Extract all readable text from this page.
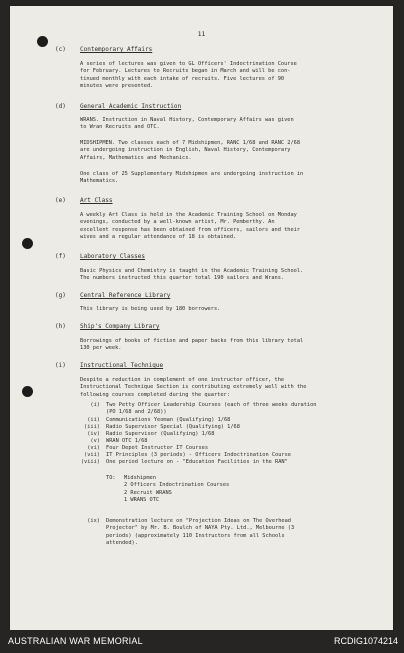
11
(c) Contemporary Affairs

A series of lectures was given to GL Officers' Indoctrination Course
for February. Lectures to Recruits began in March and will be con-
tinued monthly with each intake of recruits. Five lectures of 90
minutes were presented.

(d) General Academic Instruction

WRANS. Instruction in Naval History, Contemporary Affairs was given
to Wran Recruits and OTC.

MIDSHIPMEN. Two classes each of 7 Midshipmen, RANC 1/68 and RANC 2/68
are undergoing instruction in English, Naval History, Contemporary
Affairs, Mathematics and Mechanics.

One class of 25 Supplementary Midshipmen are undergoing instruction in
Mathematics.

(e) Art Class

A weekly Art Class is held in the Academic Training School on Monday
evenings, conducted by a well-known artist, Mr. Pemberthy. An
excellent response has been obtained from officers, sailors and their
wives and a regular attendance of 18 is obtained.

(f) Laboratory Classes

Basic Physics and Chemistry is taught in the Academic Training School.
The numbers instructed this quarter total 190 sailors and Wrans.

(g) Central Reference Library

This library is being used by 180 borrowers.

(h) Ship's Company Library

Borrowings of books of fiction and paper backs from this library total
130 per week.

(i) Instructional Technique

Despite a reduction in complement of one instructor officer, the
Instructional Technique Section is contributing extremely well with the
following courses completed during the quarter:

(i) Two Petty Officer Leadership Courses (each of three weeks duration
(PO 1/68 and 2/68))
(ii) Communications Yeoman (Qualifying) 1/68
(iii) Radio Supervisor Special (Qualifying) 1/68
(iv) Radio Supervisor (Qualifying) 1/68
(v) WRAN OTC 1/68
(vi) Four Depot Instructor IT Courses
(vii) IT Principles (3 periods) - Officers Indoctrination Course
(viii) One period lecture on - "Education Facilities in the RAN"
TO: Midshipmen
2 Officers Indoctrination Courses
2 Recruit WRANS
1 WRANS OTC
(ix) Demonstration lecture on "Projection Ideas on The Overhead
Projector" by Mr. B. Boulch of NAYA Pty. Ltd., Melbourne (3
periods) (approximately 110 Instructors from all Schools
attended).
AUSTRALIAN WAR MEMORIAL	RCDIG1074214
